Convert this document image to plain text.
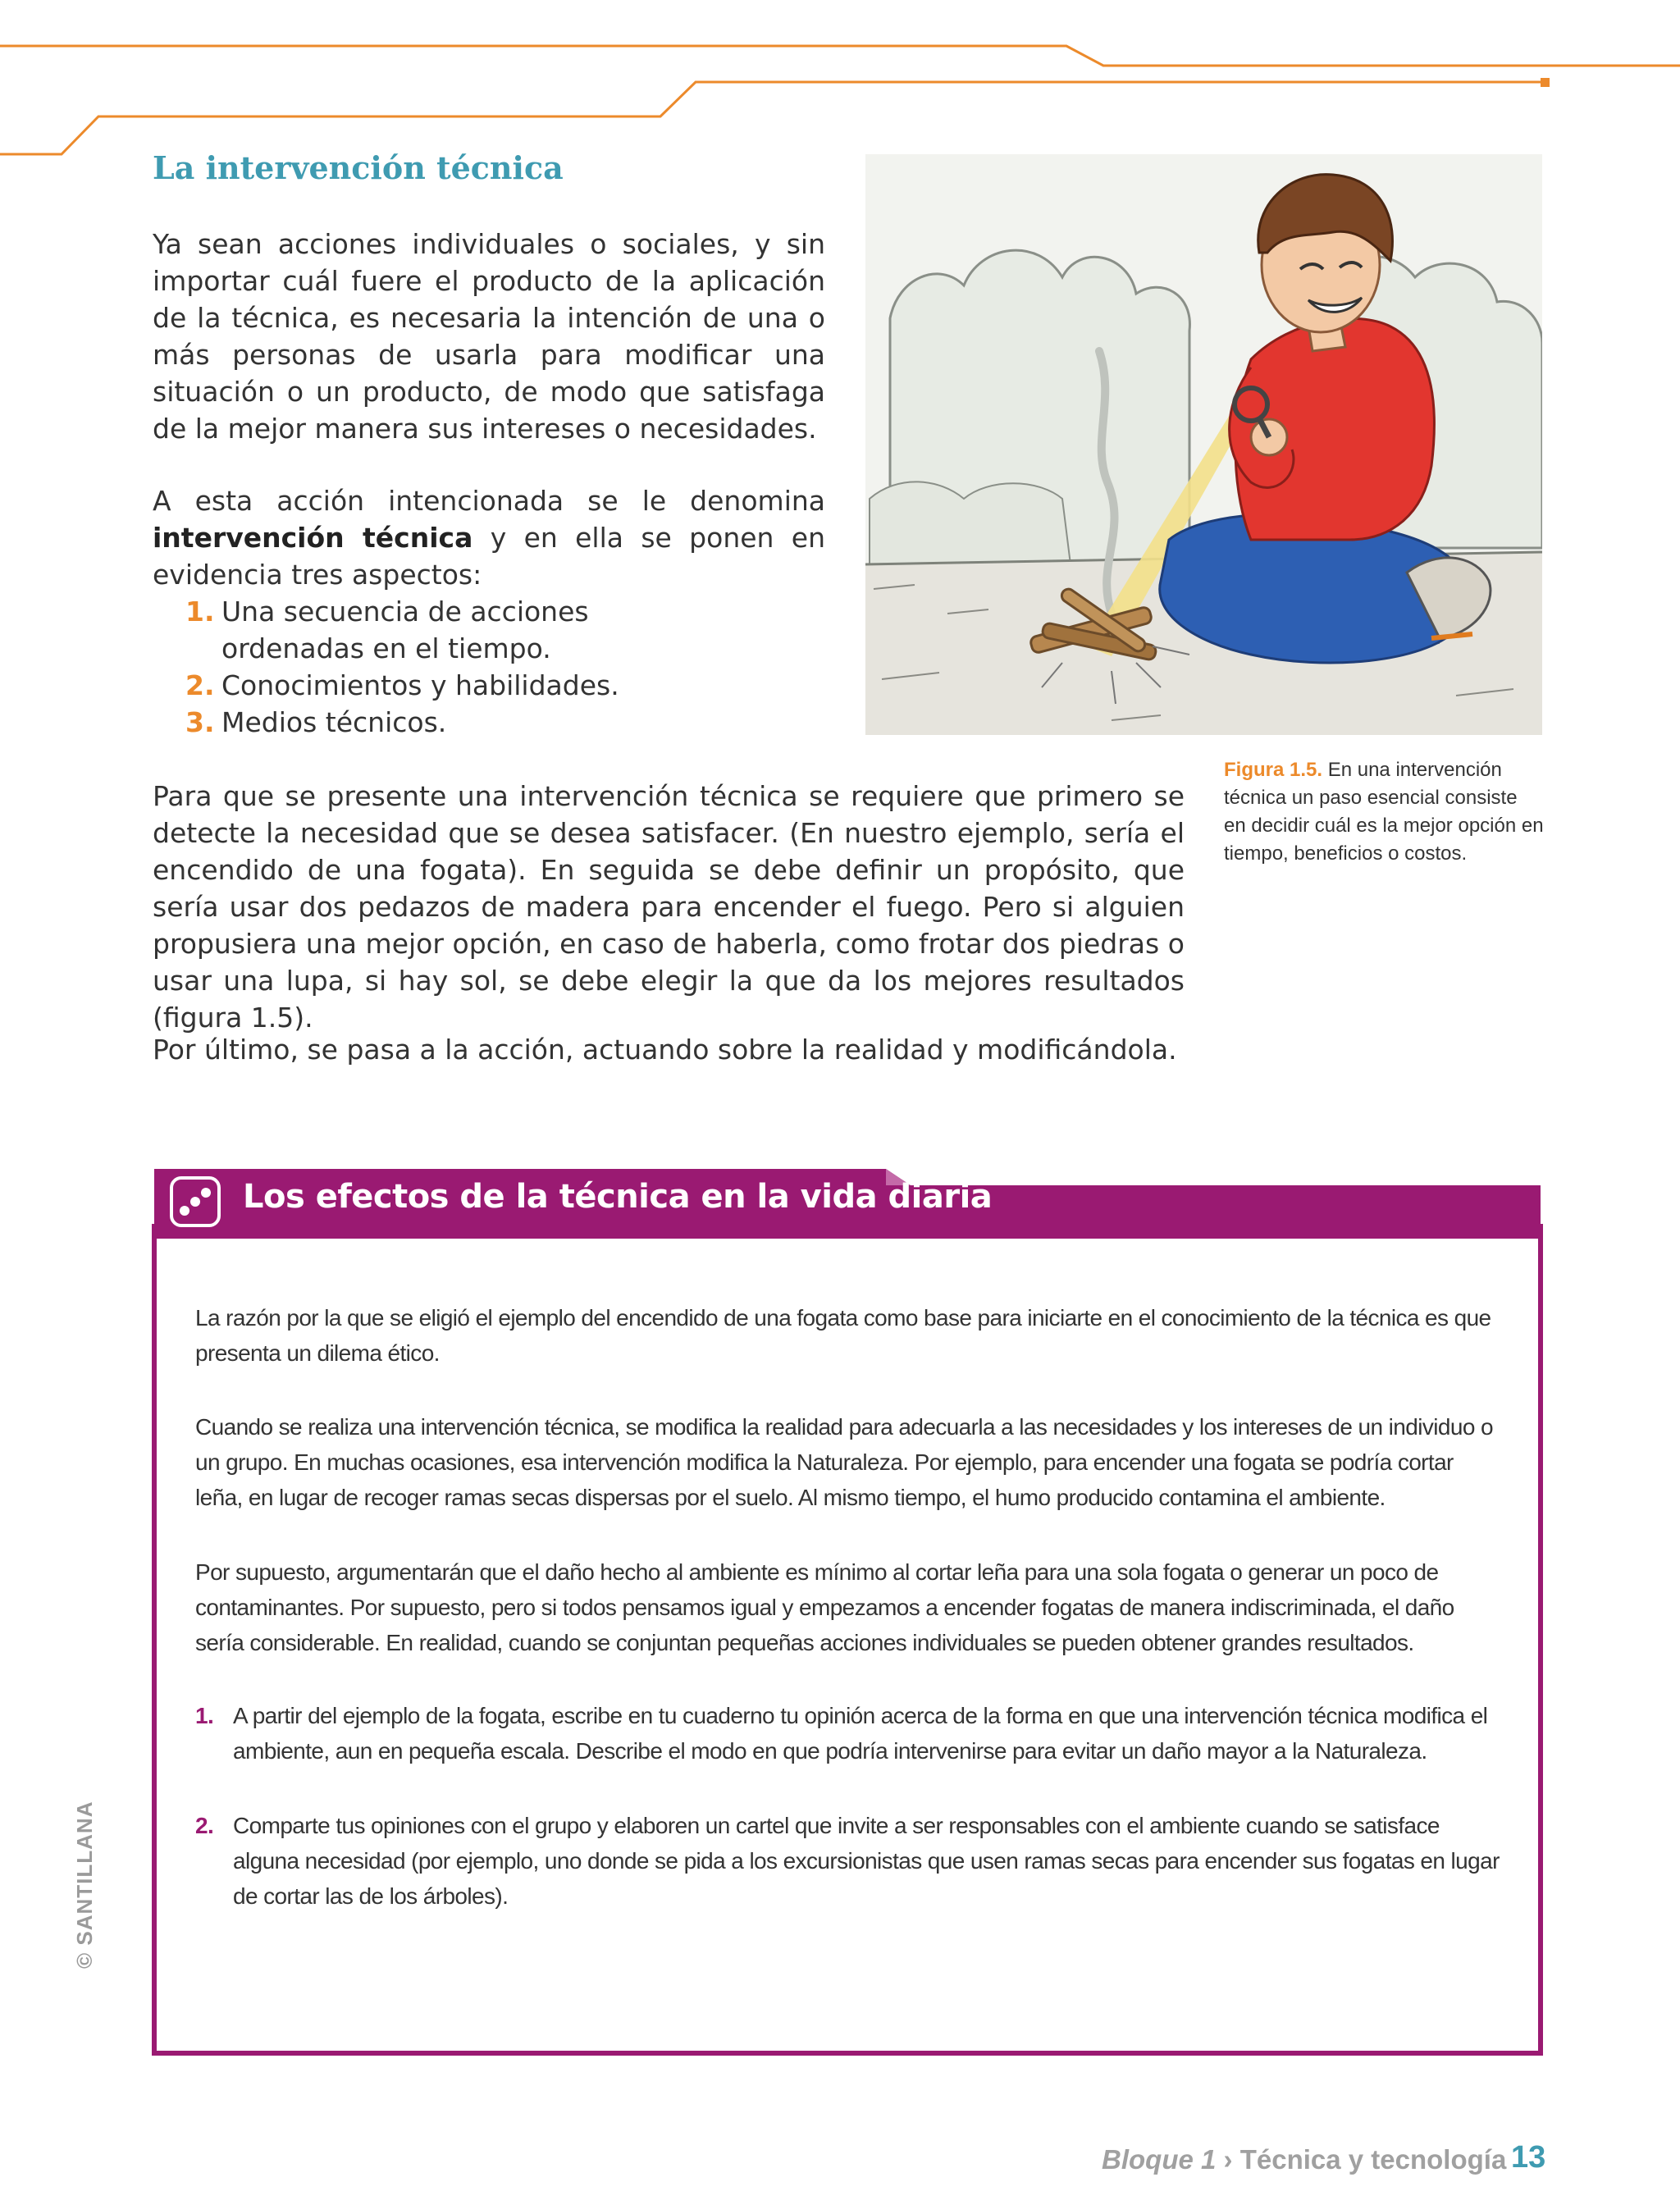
La intervención técnica
Ya sean acciones individuales o sociales, y sin importar cuál fuere el producto de la aplicación de la técnica, es necesaria la intención de una o más personas de usarla para modificar una situación o un producto, de modo que satisfaga de la mejor manera sus intereses o necesidades.
A esta acción intencionada se le denomina intervención técnica y en ella se ponen en evidencia tres aspectos:
1. Una secuencia de acciones ordenadas en el tiempo.
2. Conocimientos y habilidades.
3. Medios técnicos.
Figura 1.5. En una intervención técnica un paso esencial consiste en decidir cuál es la mejor opción en tiempo, beneficios o costos.
Para que se presente una intervención técnica se requiere que primero se detecte la necesidad que se desea satisfacer. (En nuestro ejemplo, sería el encendido de una fogata). En seguida se debe definir un propósito, que sería usar dos pedazos de madera para encender el fuego. Pero si alguien propusiera una mejor opción, en caso de haberla, como frotar dos piedras o usar una lupa, si hay sol, se debe elegir la que da los mejores resultados (figura 1.5).
Por último, se pasa a la acción, actuando sobre la realidad y modificándola.
Los efectos de la técnica en la vida diaria
La razón por la que se eligió el ejemplo del encendido de una fogata como base para iniciarte en el conocimiento de la técnica es que presenta un dilema ético.
Cuando se realiza una intervención técnica, se modifica la realidad para adecuarla a las necesidades y los intereses de un individuo o un grupo. En muchas ocasiones, esa intervención modifica la Naturaleza. Por ejemplo, para encender una fogata se podría cortar leña, en lugar de recoger ramas secas dispersas por el suelo. Al mismo tiempo, el humo producido contamina el ambiente.
Por supuesto, argumentarán que el daño hecho al ambiente es mínimo al cortar leña para una sola fogata o generar un poco de contaminantes. Por supuesto, pero si todos pensamos igual y empezamos a encender fogatas de manera indiscriminada, el daño sería considerable. En realidad, cuando se conjuntan pequeñas acciones individuales se pueden obtener grandes resultados.
1. A partir del ejemplo de la fogata, escribe en tu cuaderno tu opinión acerca de la forma en que una intervención técnica modifica el ambiente, aun en pequeña escala. Describe el modo en que podría intervenirse para evitar un daño mayor a la Naturaleza.
2. Comparte tus opiniones con el grupo y elaboren un cartel que invite a ser responsables con el ambiente cuando se satisface alguna necesidad (por ejemplo, uno donde se pida a los excursionistas que usen ramas secas para encender sus fogatas en lugar de cortar las de los árboles).
© SANTILLANA
Bloque 1 › Técnica y tecnología 13
